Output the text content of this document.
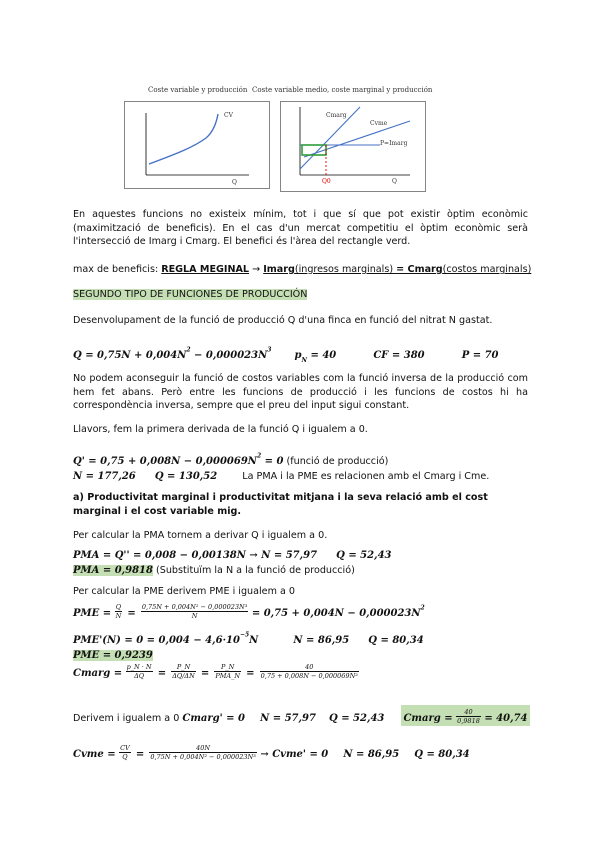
Coste variable y producción Coste variable medio, coste marginal y producción
CV
Q
Cmarg
Cvme
P=Imarg
Q0	Q
En aquestes funcions no existeix mínim, tot i que sí que pot existir òptim econòmic (maximització de beneficis). En el cas d'un mercat competitiu el òptim econòmic serà l'intersecció de Imarg i Cmarg. El benefici és l'àrea del rectangle verd.
max de beneficis: REGLA MEGINAL → Imarg(ingresos marginals) = Cmarg(costos marginals)
SEGUNDO TIPO DE FUNCIONES DE PRODUCCIÓN
Desenvolupament de la funció de producció Q d'una finca en funció del nitrat N gastat.
$Q = 0,75N + 0,004N^2 - 0,000023N^3$ $p_N = 40$	CF = 380	P = 70
No podem aconseguir la funció de costos variables com la funció inversa de la producció com hem fet abans. Però entre les funcions de producció i les funcions de costos hi ha correspondència inversa, sempre que el preu del input sigui constant.
Llavors, fem la primera derivada de la funció Q i igualem a 0.
$Q' = 0,75 + 0,008N - 0,000069N^2 = 0$ (funció de producció)
N = 177,26 Q = 130,52	La PMA i la PME es relacionen amb el Cmarg i Cme.
a) Productivitat marginal i productivitat mitjana i la seva relació amb el cost marginal i el cost variable mig.
Per calcular la PMA tornem a derivar Q i igualem a 0.
PMA = Q'' = 0,008 − 0,00138N → N = 57,97 Q = 52,43
PMA = 0,9818 (Substituïm la N a la funció de producció)
Per calcular la PME derivem PME i igualem a 0
PME = $\frac{Q}{N} = \frac{\text{0,75N + 0,004N² − 0,000023N³}}{N} = 0,75 + 0,004N - 0,000023N^2$
$PME'(N) = 0 = 0,004 - 4,6\cdot 10^{-5}N$	N = 86,95 Q = 80,34
PME = 0,9239
Cmarg = $\frac{p\_N \cdot N}{\Delta Q} = \frac{P\_N}{\Delta Q/\Delta N} = \frac{P\_N}{\text{PMA\_N}} = \frac{40}{\text{0,75 + 0,008N − 0,000069N²}}$
Derivem i igualem a 0 Cmarg' = 0 N = 57,97 Q = 52,43 Cmarg = $\frac{40}{0,9818} = 40,74$
Cvme = $\frac{CV}{Q} = \frac{40N}{\text{0,75N + 0,004N² − 0,000023N³}}$ → Cvme' = 0 N = 86,95 Q = 80,34
